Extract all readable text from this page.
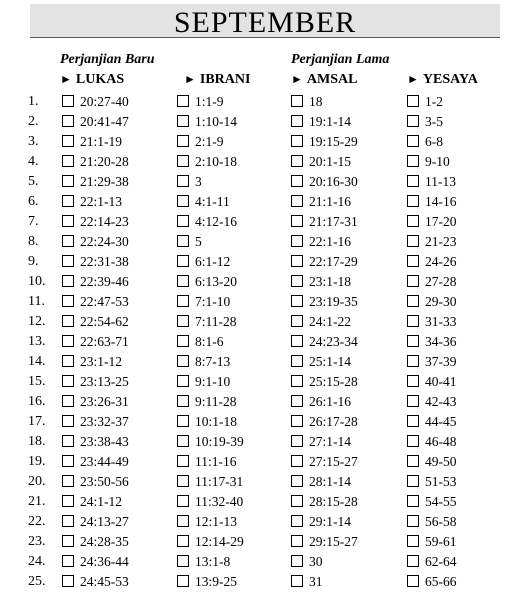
SEPTEMBER
Perjanjian Baru	Perjanjian Lama
► LUKAS	► IBRANI	► AMSAL	► YESAYA
1.	20:27-40	1:1-9	18	1-2
2.	20:41-47	1:10-14	19:1-14	3-5
3.	21:1-19	2:1-9	19:15-29	6-8
4.	21:20-28	2:10-18	20:1-15	9-10
5.	21:29-38	3	20:16-30	11-13
6.	22:1-13	4:1-11	21:1-16	14-16
7.	22:14-23	4:12-16	21:17-31	17-20
8.	22:24-30	5	22:1-16	21-23
9.	22:31-38	6:1-12	22:17-29	24-26
10.	22:39-46	6:13-20	23:1-18	27-28
11.	22:47-53	7:1-10	23:19-35	29-30
12.	22:54-62	7:11-28	24:1-22	31-33
13.	22:63-71	8:1-6	24:23-34	34-36
14.	23:1-12	8:7-13	25:1-14	37-39
15.	23:13-25	9:1-10	25:15-28	40-41
16.	23:26-31	9:11-28	26:1-16	42-43
17.	23:32-37	10:1-18	26:17-28	44-45
18.	23:38-43	10:19-39	27:1-14	46-48
19.	23:44-49	11:1-16	27:15-27	49-50
20.	23:50-56	11:17-31	28:1-14	51-53
21.	24:1-12	11:32-40	28:15-28	54-55
22.	24:13-27	12:1-13	29:1-14	56-58
23.	24:28-35	12:14-29	29:15-27	59-61
24.	24:36-44	13:1-8	30	62-64
25.	24:45-53	13:9-25	31	65-66
